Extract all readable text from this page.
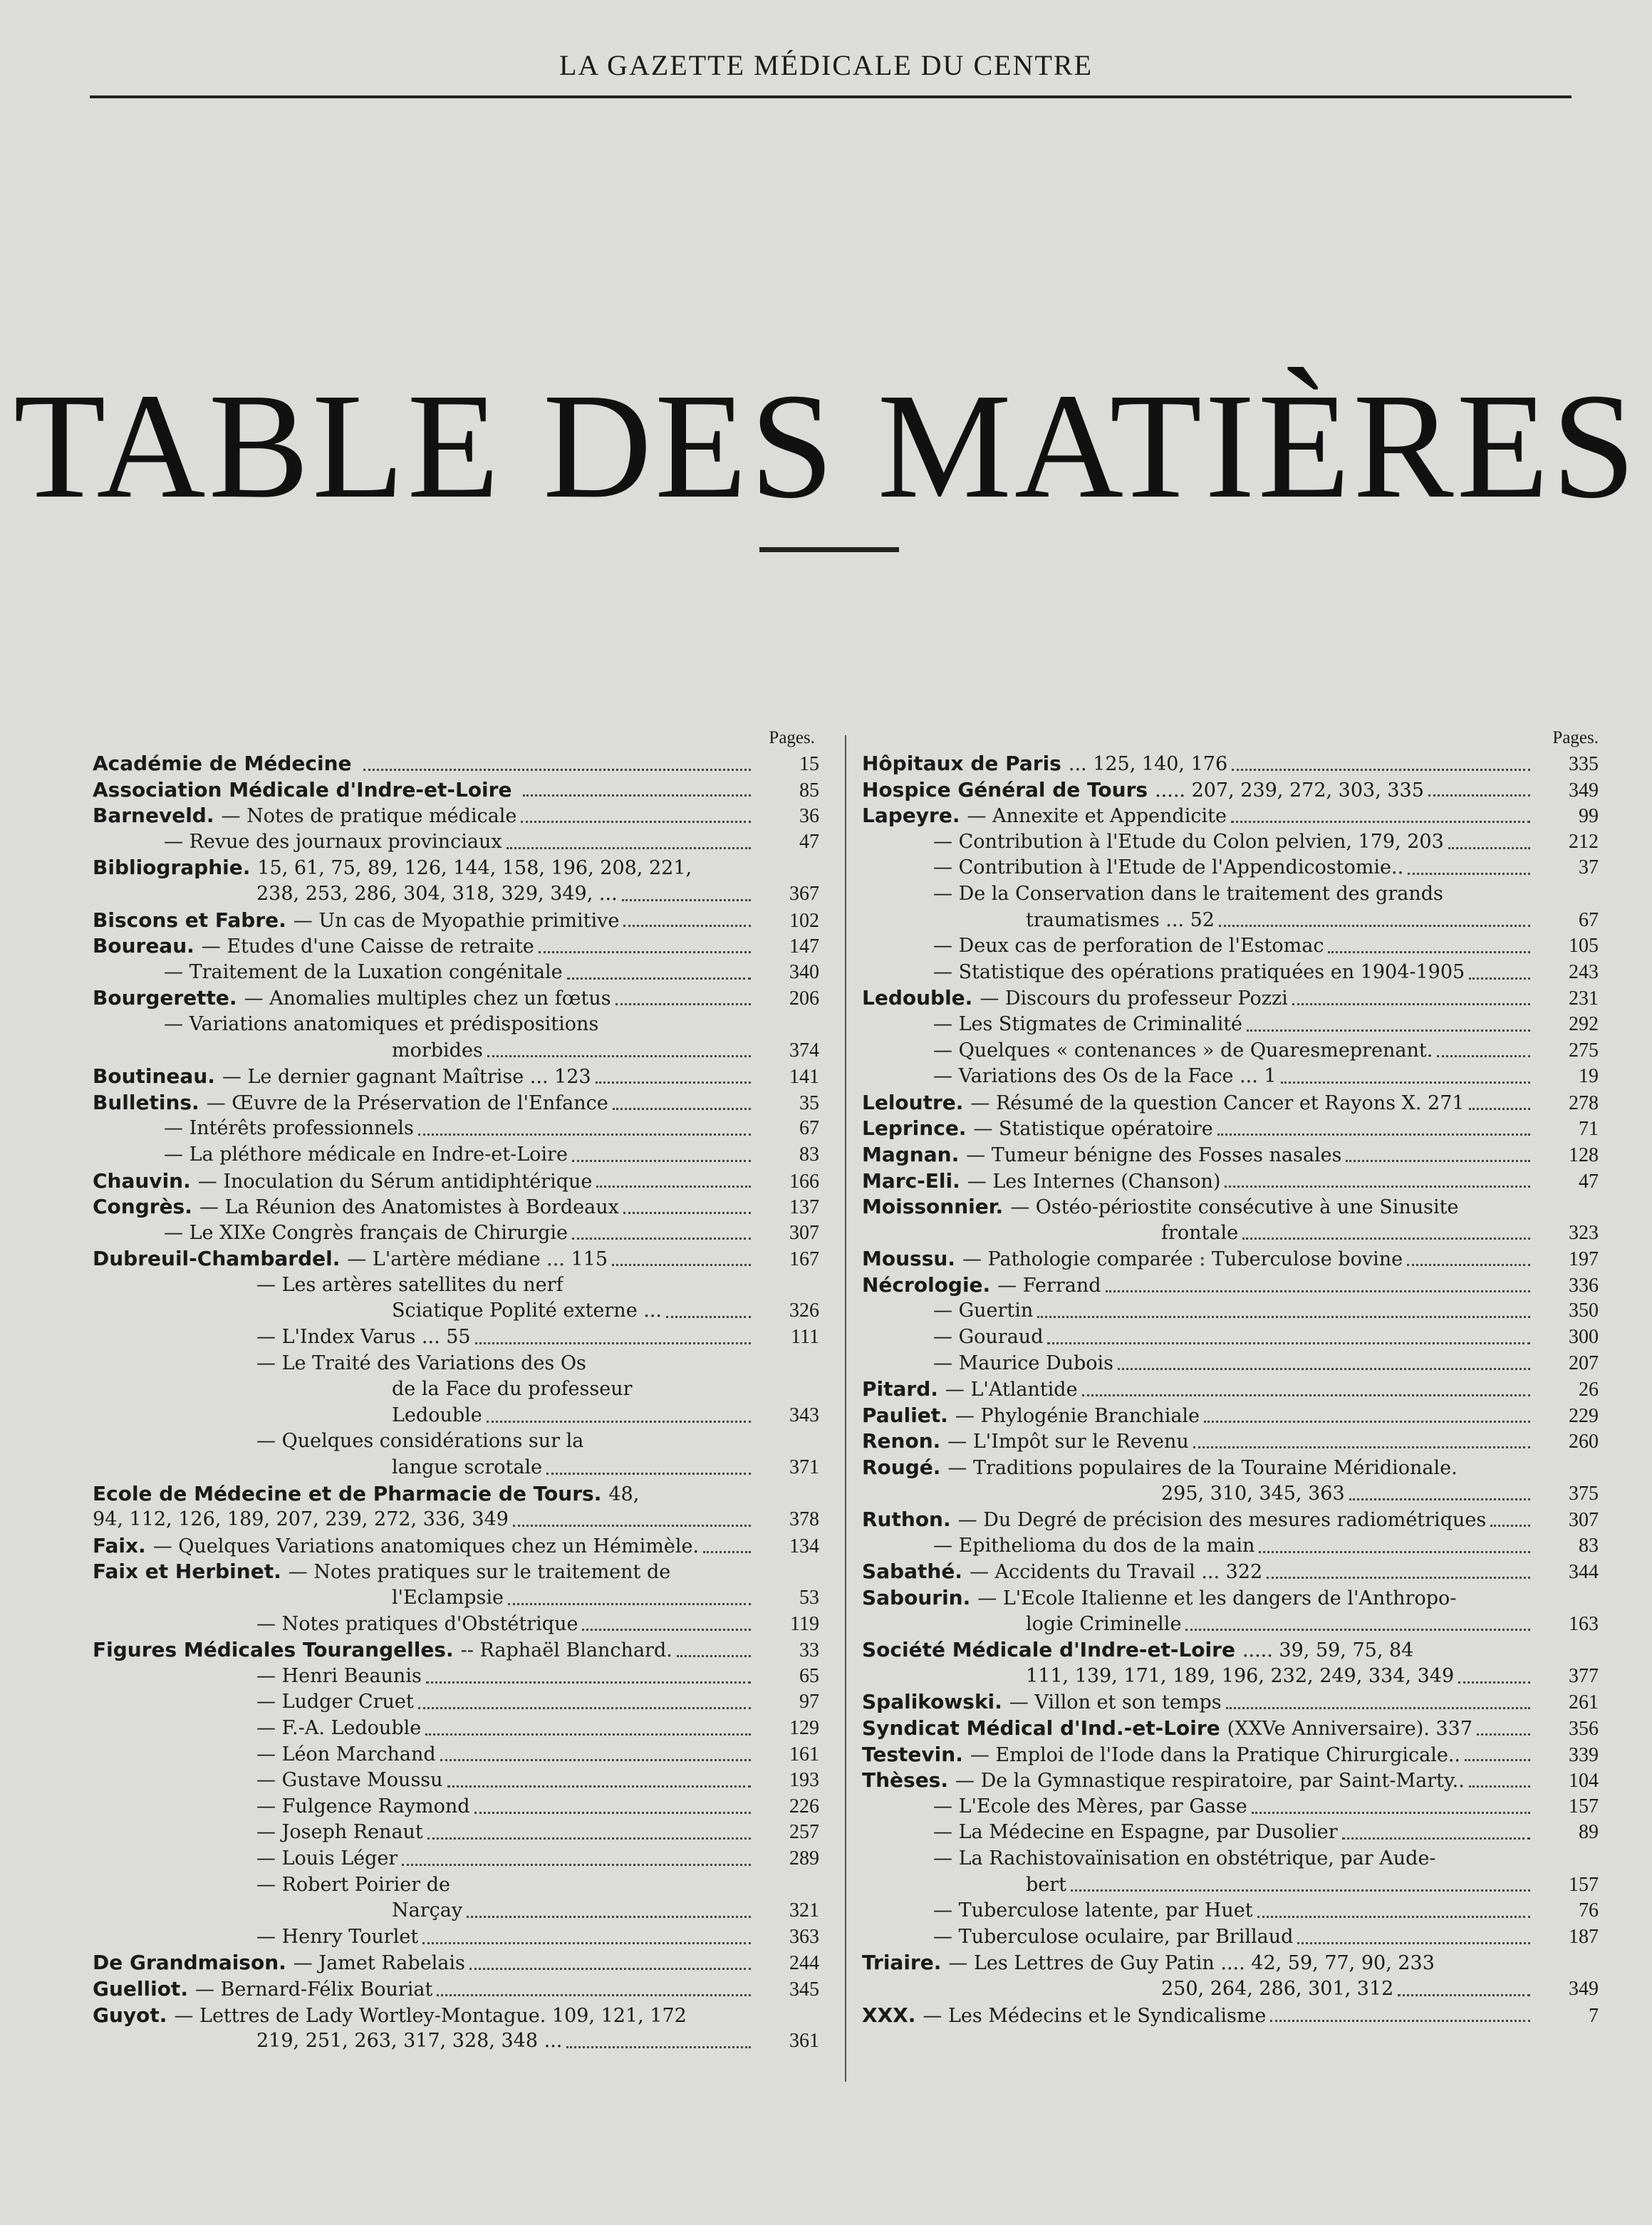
LA GAZETTE MÉDICALE DU CENTRE
TABLE DES MATIÈRES
Pages.
Académie de Médecine	15
Association Médicale d'Indre-et-Loire	85
Barneveld. — Notes de pratique médicale	36
— Revue des journaux provinciaux	47
Bibliographie. 15, 61, 75, 89, 126, 144, 158, 196, 208, 221,
238, 253, 286, 304, 318, 329, 349, ...	367
Biscons et Fabre. — Un cas de Myopathie primitive	102
Boureau. — Etudes d'une Caisse de retraite	147
— Traitement de la Luxation congénitale	340
Bourgerette. — Anomalies multiples chez un fœtus	206
— Variations anatomiques et prédispositions
morbides	374
Boutineau. — Le dernier gagnant Maîtrise ... 123	141
Bulletins. — Œuvre de la Préservation de l'Enfance	35
— Intérêts professionnels	67
— La pléthore médicale en Indre-et-Loire	83
Chauvin. — Inoculation du Sérum antidiphtérique	166
Congrès. — La Réunion des Anatomistes à Bordeaux	137
— Le XIXe Congrès français de Chirurgie	307
Dubreuil-Chambardel. — L'artère médiane ... 115	167
— Les artères satellites du nerf
Sciatique Poplité externe ...	326
— L'Index Varus ... 55	111
— Le Traité des Variations des Os
de la Face du professeur
Ledouble	343
— Quelques considérations sur la
langue scrotale	371
Ecole de Médecine et de Pharmacie de Tours. 48,
94, 112, 126, 189, 207, 239, 272, 336, 349	378
Faix. — Quelques Variations anatomiques chez un Hémimèle.	134
Faix et Herbinet. — Notes pratiques sur le traitement de
l'Eclampsie	53
— Notes pratiques d'Obstétrique	119
Figures Médicales Tourangelles. -- Raphaël Blanchard.	33
— Henri Beaunis	65
— Ludger Cruet	97
— F.-A. Ledouble	129
— Léon Marchand	161
— Gustave Moussu	193
— Fulgence Raymond	226
— Joseph Renaut	257
— Louis Léger	289
— Robert Poirier de
Narçay	321
— Henry Tourlet	363
De Grandmaison. — Jamet Rabelais	244
Guelliot. — Bernard-Félix Bouriat	345
Guyot. — Lettres de Lady Wortley-Montague. 109, 121, 172
219, 251, 263, 317, 328, 348 ...	361
Pages.
Hôpitaux de Paris ... 125, 140, 176	335
Hospice Général de Tours ..... 207, 239, 272, 303, 335	349
Lapeyre. — Annexite et Appendicite	99
— Contribution à l'Etude du Colon pelvien, 179, 203	212
— Contribution à l'Etude de l'Appendicostomie..	37
— De la Conservation dans le traitement des grands
traumatismes ... 52	67
— Deux cas de perforation de l'Estomac	105
— Statistique des opérations pratiquées en 1904-1905	243
Ledouble. — Discours du professeur Pozzi	231
— Les Stigmates de Criminalité	292
— Quelques « contenances » de Quaresmeprenant.	275
— Variations des Os de la Face ... 1	19
Leloutre. — Résumé de la question Cancer et Rayons X. 271	278
Leprince. — Statistique opératoire	71
Magnan. — Tumeur bénigne des Fosses nasales	128
Marc-Eli. — Les Internes (Chanson)	47
Moissonnier. — Ostéo-périostite consécutive à une Sinusite
frontale	323
Moussu. — Pathologie comparée : Tuberculose bovine	197
Nécrologie. — Ferrand	336
— Guertin	350
— Gouraud	300
— Maurice Dubois	207
Pitard. — L'Atlantide	26
Pauliet. — Phylogénie Branchiale	229
Renon. — L'Impôt sur le Revenu	260
Rougé. — Traditions populaires de la Touraine Méridionale.
295, 310, 345, 363	375
Ruthon. — Du Degré de précision des mesures radiométriques	307
— Epithelioma du dos de la main	83
Sabathé. — Accidents du Travail ... 322	344
Sabourin. — L'Ecole Italienne et les dangers de l'Anthropo-
logie Criminelle	163
Société Médicale d'Indre-et-Loire ..... 39, 59, 75, 84
111, 139, 171, 189, 196, 232, 249, 334, 349	377
Spalikowski. — Villon et son temps	261
Syndicat Médical d'Ind.-et-Loire (XXVe Anniversaire). 337	356
Testevin. — Emploi de l'Iode dans la Pratique Chirurgicale..	339
Thèses. — De la Gymnastique respiratoire, par Saint-Marty..	104
— L'Ecole des Mères, par Gasse	157
— La Médecine en Espagne, par Dusolier	89
— La Rachistovaïnisation en obstétrique, par Aude-
bert	157
— Tuberculose latente, par Huet	76
— Tuberculose oculaire, par Brillaud	187
Triaire. — Les Lettres de Guy Patin .... 42, 59, 77, 90, 233
250, 264, 286, 301, 312	349
XXX. — Les Médecins et le Syndicalisme	7
